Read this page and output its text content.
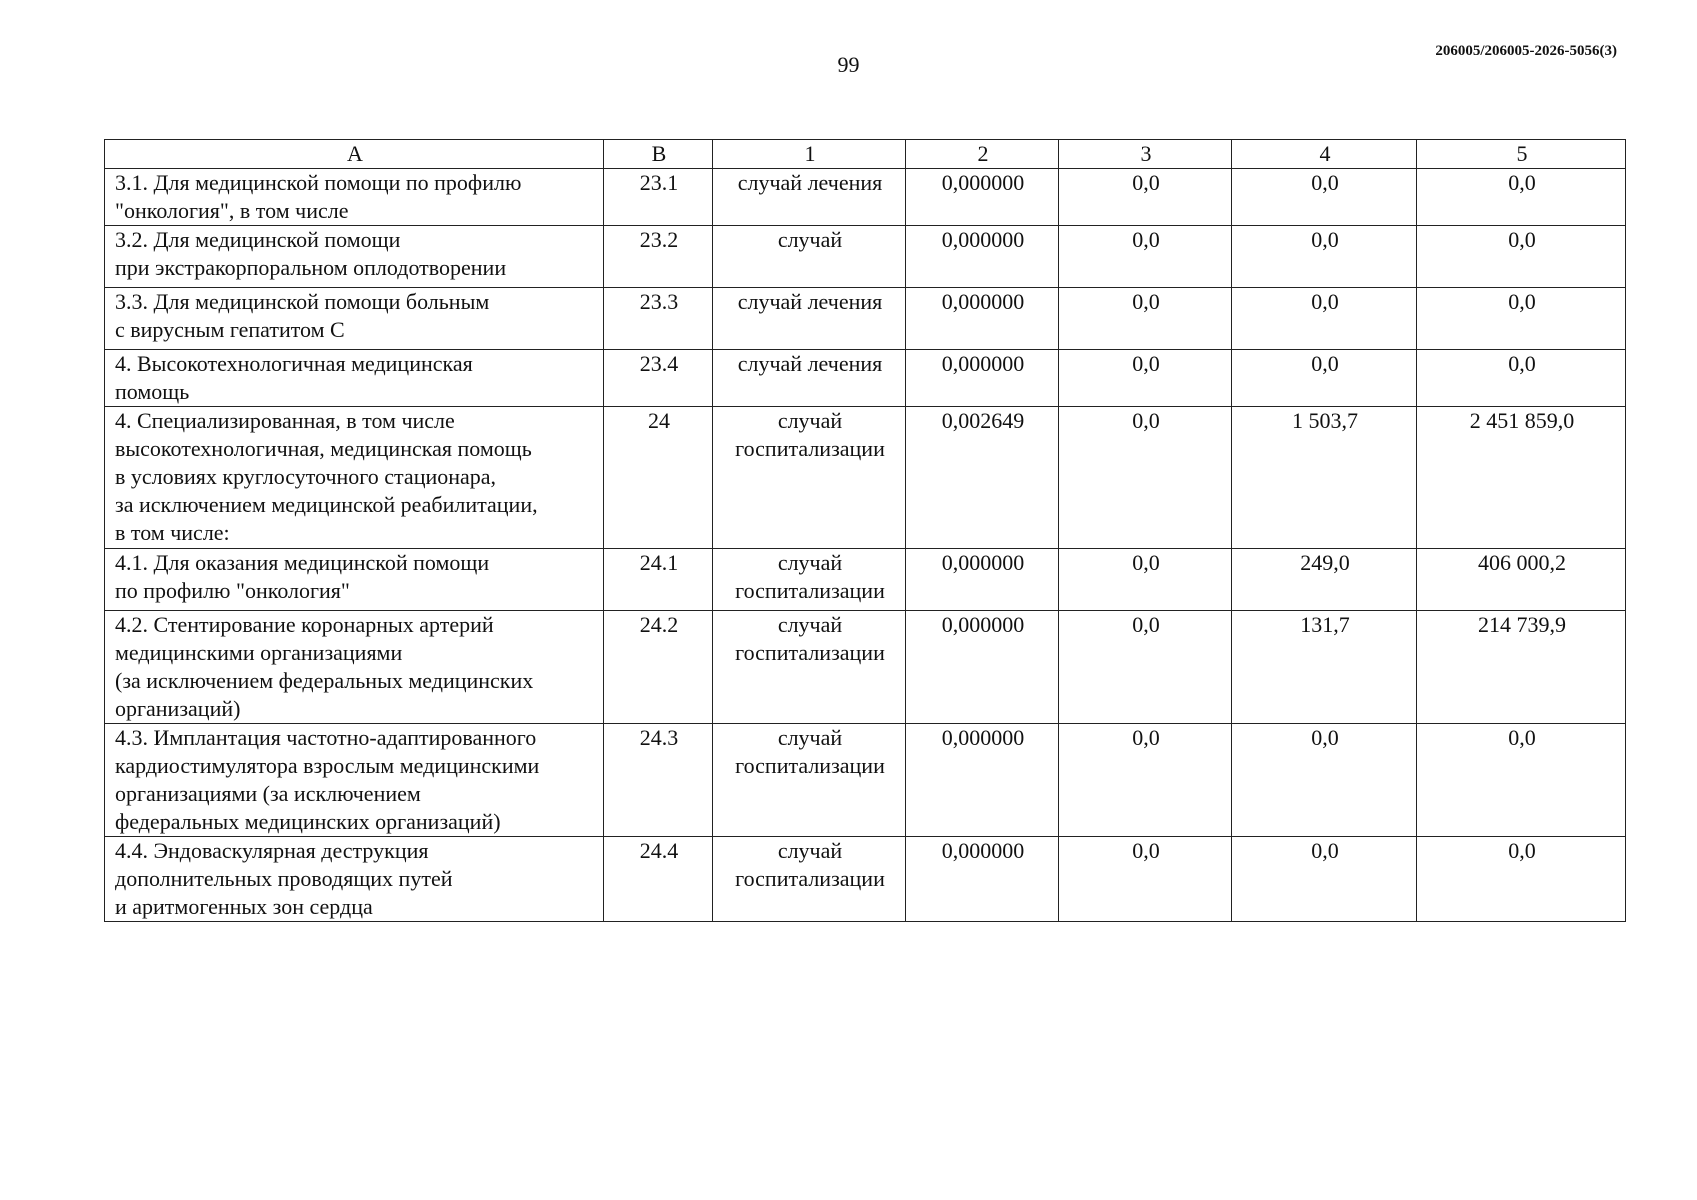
99
206005/206005-2026-5056(3)
A	B	1	2	3	4	5
3.1. Для медицинской помощи по профилю
"онкология", в том числе	23.1	случай лечения	0,000000	0,0	0,0	0,0
3.2. Для медицинской помощи
при экстракорпоральном оплодотворении	23.2	случай	0,000000	0,0	0,0	0,0
3.3. Для медицинской помощи больным
с вирусным гепатитом С	23.3	случай лечения	0,000000	0,0	0,0	0,0
4. Высокотехнологичная медицинская
помощь	23.4	случай лечения	0,000000	0,0	0,0	0,0
4. Специализированная, в том числе
высокотехнологичная, медицинская помощь
в условиях круглосуточного стационара,
за исключением медицинской реабилитации,
в том числе:	24	случай
госпитализации	0,002649	0,0	1 503,7	2 451 859,0
4.1. Для оказания медицинской помощи
по профилю "онкология"	24.1	случай
госпитализации	0,000000	0,0	249,0	406 000,2
4.2. Стентирование коронарных артерий
медицинскими организациями
(за исключением федеральных медицинских
организаций)	24.2	случай
госпитализации	0,000000	0,0	131,7	214 739,9
4.3. Имплантация частотно-адаптированного
кардиостимулятора взрослым медицинскими
организациями (за исключением
федеральных медицинских организаций)	24.3	случай
госпитализации	0,000000	0,0	0,0	0,0
4.4. Эндоваскулярная деструкция
дополнительных проводящих путей
и аритмогенных зон сердца	24.4	случай
госпитализации	0,000000	0,0	0,0	0,0
